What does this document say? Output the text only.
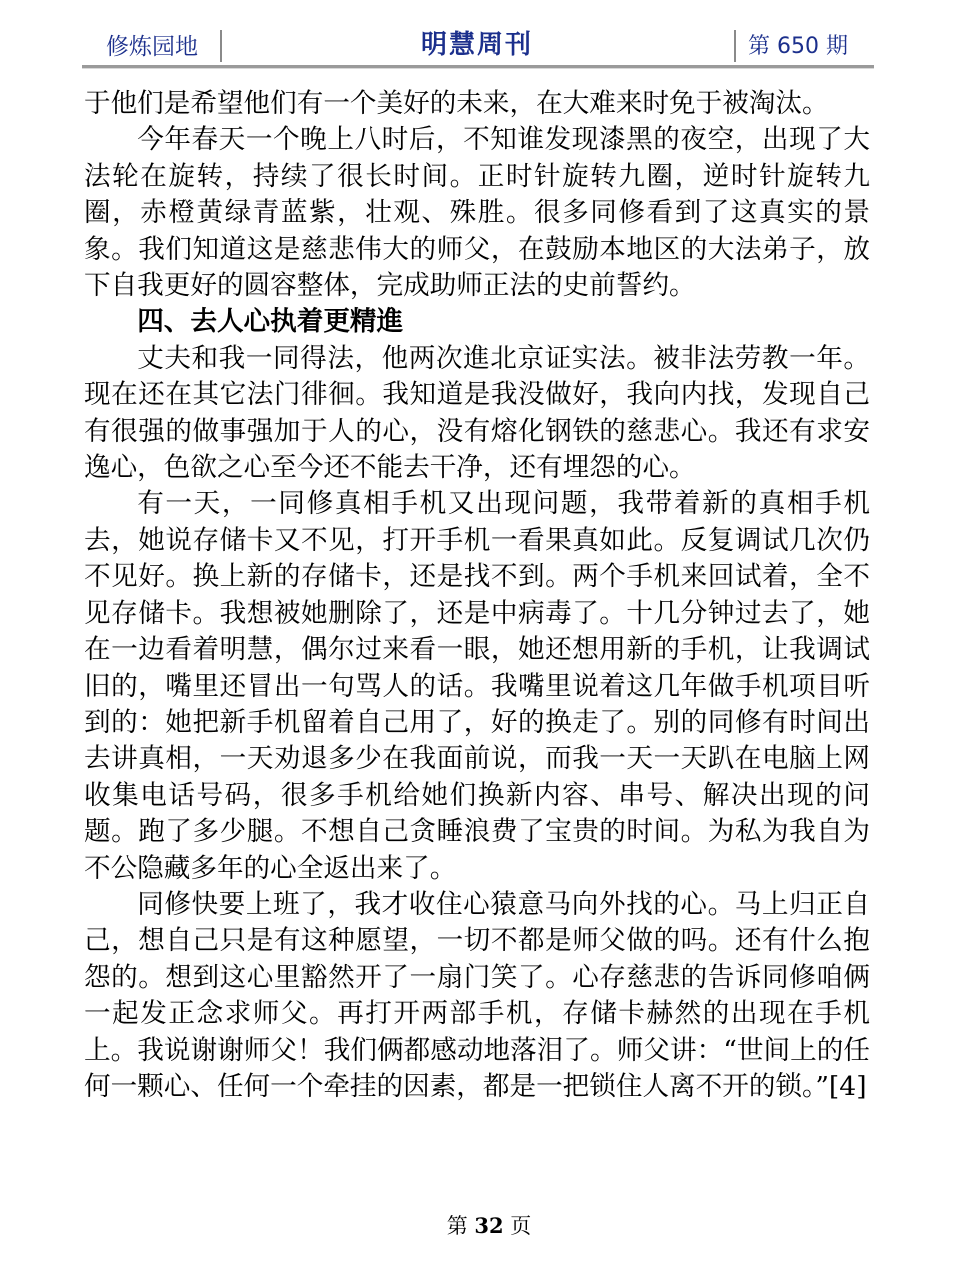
修炼园地	明慧周刊	第 650 期

于他们是希望他们有一个美好的未来，在大难来时免于被淘汰。

今年春天一个晚上八时后，不知谁发现漆黑的夜空，出现了大法轮在旋转，持续了很长时间。正时针旋转九圈，逆时针旋转九圈，赤橙黄绿青蓝紫，壮观、殊胜。很多同修看到了这真实的景象。我们知道这是慈悲伟大的师父，在鼓励本地区的大法弟子，放下自我更好的圆容整体，完成助师正法的史前誓约。

四、去人心执着更精進

丈夫和我一同得法，他两次進北京证实法。被非法劳教一年。现在还在其它法门徘徊。我知道是我没做好，我向内找，发现自己有很强的做事强加于人的心，没有熔化钢铁的慈悲心。我还有求安逸心，色欲之心至今还不能去干净，还有埋怨的心。

有一天，一同修真相手机又出现问题，我带着新的真相手机去，她说存储卡又不见，打开手机一看果真如此。反复调试几次仍不见好。换上新的存储卡，还是找不到。两个手机来回试着，全不见存储卡。我想被她删除了，还是中病毒了。十几分钟过去了，她在一边看着明慧，偶尔过来看一眼，她还想用新的手机，让我调试旧的，嘴里还冒出一句骂人的话。我嘴里说着这几年做手机项目听到的：她把新手机留着自己用了，好的换走了。别的同修有时间出去讲真相，一天劝退多少在我面前说，而我一天一天趴在电脑上网收集电话号码，很多手机给她们换新内容、串号、解决出现的问题。跑了多少腿。不想自己贪睡浪费了宝贵的时间。为私为我自为不公隐藏多年的心全返出来了。

同修快要上班了，我才收住心猿意马向外找的心。马上归正自己，想自己只是有这种愿望，一切不都是师父做的吗。还有什么抱怨的。想到这心里豁然开了一扇门笑了。心存慈悲的告诉同修咱俩一起发正念求师父。再打开两部手机，存储卡赫然的出现在手机上。我说谢谢师父！我们俩都感动地落泪了。师父讲：“世间上的任何一颗心、任何一个牵挂的因素，都是一把锁住人离不开的锁。”[4]

第 32 页
